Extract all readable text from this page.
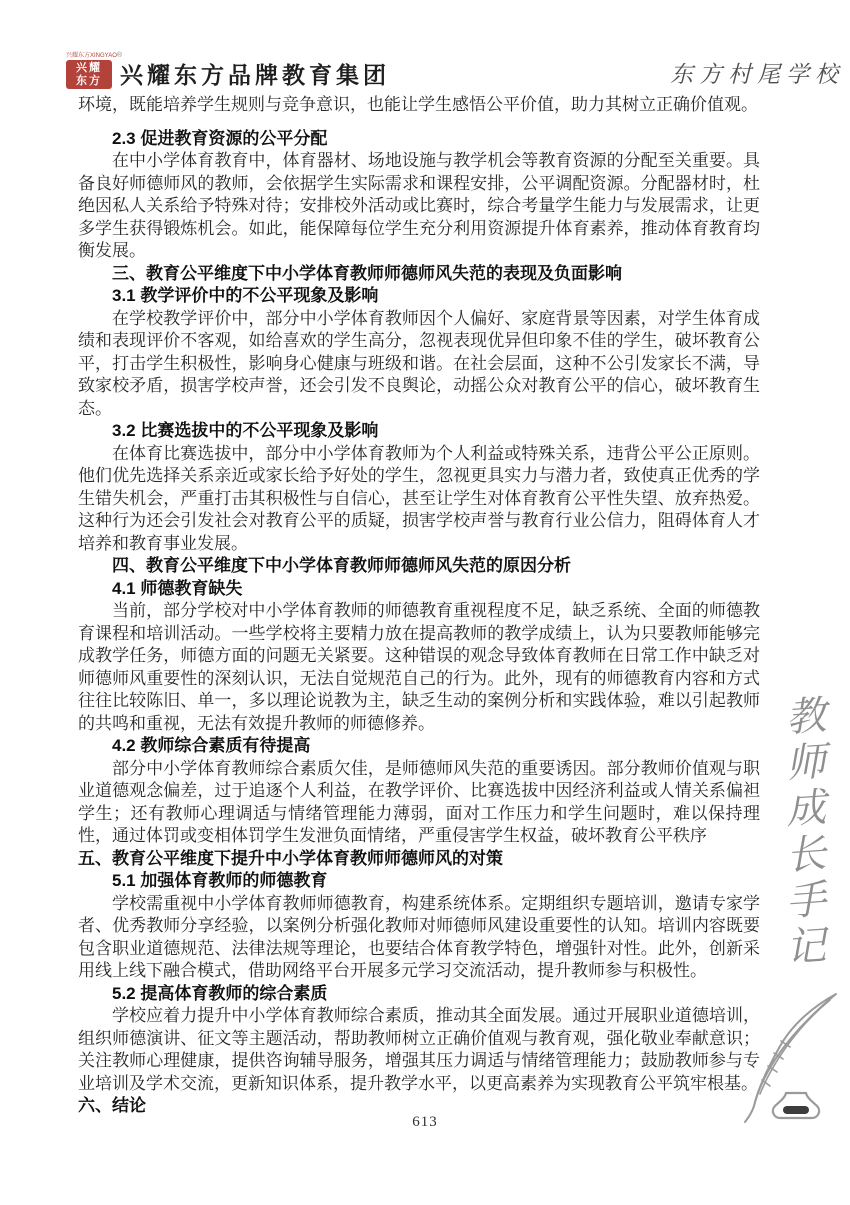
兴耀东方XINGYAO®
兴耀
东方 兴耀东方品牌教育集团	东方村尾学校
环境，既能培养学生规则与竞争意识，也能让学生感悟公平价值，助力其树立正确价值观。
2.3 促进教育资源的公平分配
在中小学体育教育中，体育器材、场地设施与教学机会等教育资源的分配至关重要。具备良好师德师风的教师，会依据学生实际需求和课程安排，公平调配资源。分配器材时，杜绝因私人关系给予特殊对待；安排校外活动或比赛时，综合考量学生能力与发展需求，让更多学生获得锻炼机会。如此，能保障每位学生充分利用资源提升体育素养，推动体育教育均衡发展。
三、教育公平维度下中小学体育教师师德师风失范的表现及负面影响
3.1 教学评价中的不公平现象及影响
在学校教学评价中，部分中小学体育教师因个人偏好、家庭背景等因素，对学生体育成绩和表现评价不客观，如给喜欢的学生高分，忽视表现优异但印象不佳的学生，破坏教育公平，打击学生积极性，影响身心健康与班级和谐。在社会层面，这种不公引发家长不满，导致家校矛盾，损害学校声誉，还会引发不良舆论，动摇公众对教育公平的信心，破坏教育生态。
3.2 比赛选拔中的不公平现象及影响
在体育比赛选拔中，部分中小学体育教师为个人利益或特殊关系，违背公平公正原则。他们优先选择关系亲近或家长给予好处的学生，忽视更具实力与潜力者，致使真正优秀的学生错失机会，严重打击其积极性与自信心，甚至让学生对体育教育公平性失望、放弃热爱。这种行为还会引发社会对教育公平的质疑，损害学校声誉与教育行业公信力，阻碍体育人才培养和教育事业发展。
四、教育公平维度下中小学体育教师师德师风失范的原因分析
4.1 师德教育缺失
当前，部分学校对中小学体育教师的师德教育重视程度不足，缺乏系统、全面的师德教育课程和培训活动。一些学校将主要精力放在提高教师的教学成绩上，认为只要教师能够完成教学任务，师德方面的问题无关紧要。这种错误的观念导致体育教师在日常工作中缺乏对师德师风重要性的深刻认识，无法自觉规范自己的行为。此外，现有的师德教育内容和方式往往比较陈旧、单一，多以理论说教为主，缺乏生动的案例分析和实践体验，难以引起教师的共鸣和重视，无法有效提升教师的师德修养。
4.2 教师综合素质有待提高
部分中小学体育教师综合素质欠佳，是师德师风失范的重要诱因。部分教师价值观与职业道德观念偏差，过于追逐个人利益，在教学评价、比赛选拔中因经济利益或人情关系偏袒学生；还有教师心理调适与情绪管理能力薄弱，面对工作压力和学生问题时，难以保持理性，通过体罚或变相体罚学生发泄负面情绪，严重侵害学生权益，破坏教育公平秩序
五、教育公平维度下提升中小学体育教师师德师风的对策
5.1 加强体育教师的师德教育
学校需重视中小学体育教师师德教育，构建系统体系。定期组织专题培训，邀请专家学者、优秀教师分享经验，以案例分析强化教师对师德师风建设重要性的认知。培训内容既要包含职业道德规范、法律法规等理论，也要结合体育教学特色，增强针对性。此外，创新采用线上线下融合模式，借助网络平台开展多元学习交流活动，提升教师参与积极性。
5.2 提高体育教师的综合素质
学校应着力提升中小学体育教师综合素质，推动其全面发展。通过开展职业道德培训，组织师德演讲、征文等主题活动，帮助教师树立正确价值观与教育观，强化敬业奉献意识；关注教师心理健康，提供咨询辅导服务，增强其压力调适与情绪管理能力；鼓励教师参与专业培训及学术交流，更新知识体系，提升教学水平，以更高素养为实现教育公平筑牢根基。
六、结论
教
师
成
长
手
记
613
